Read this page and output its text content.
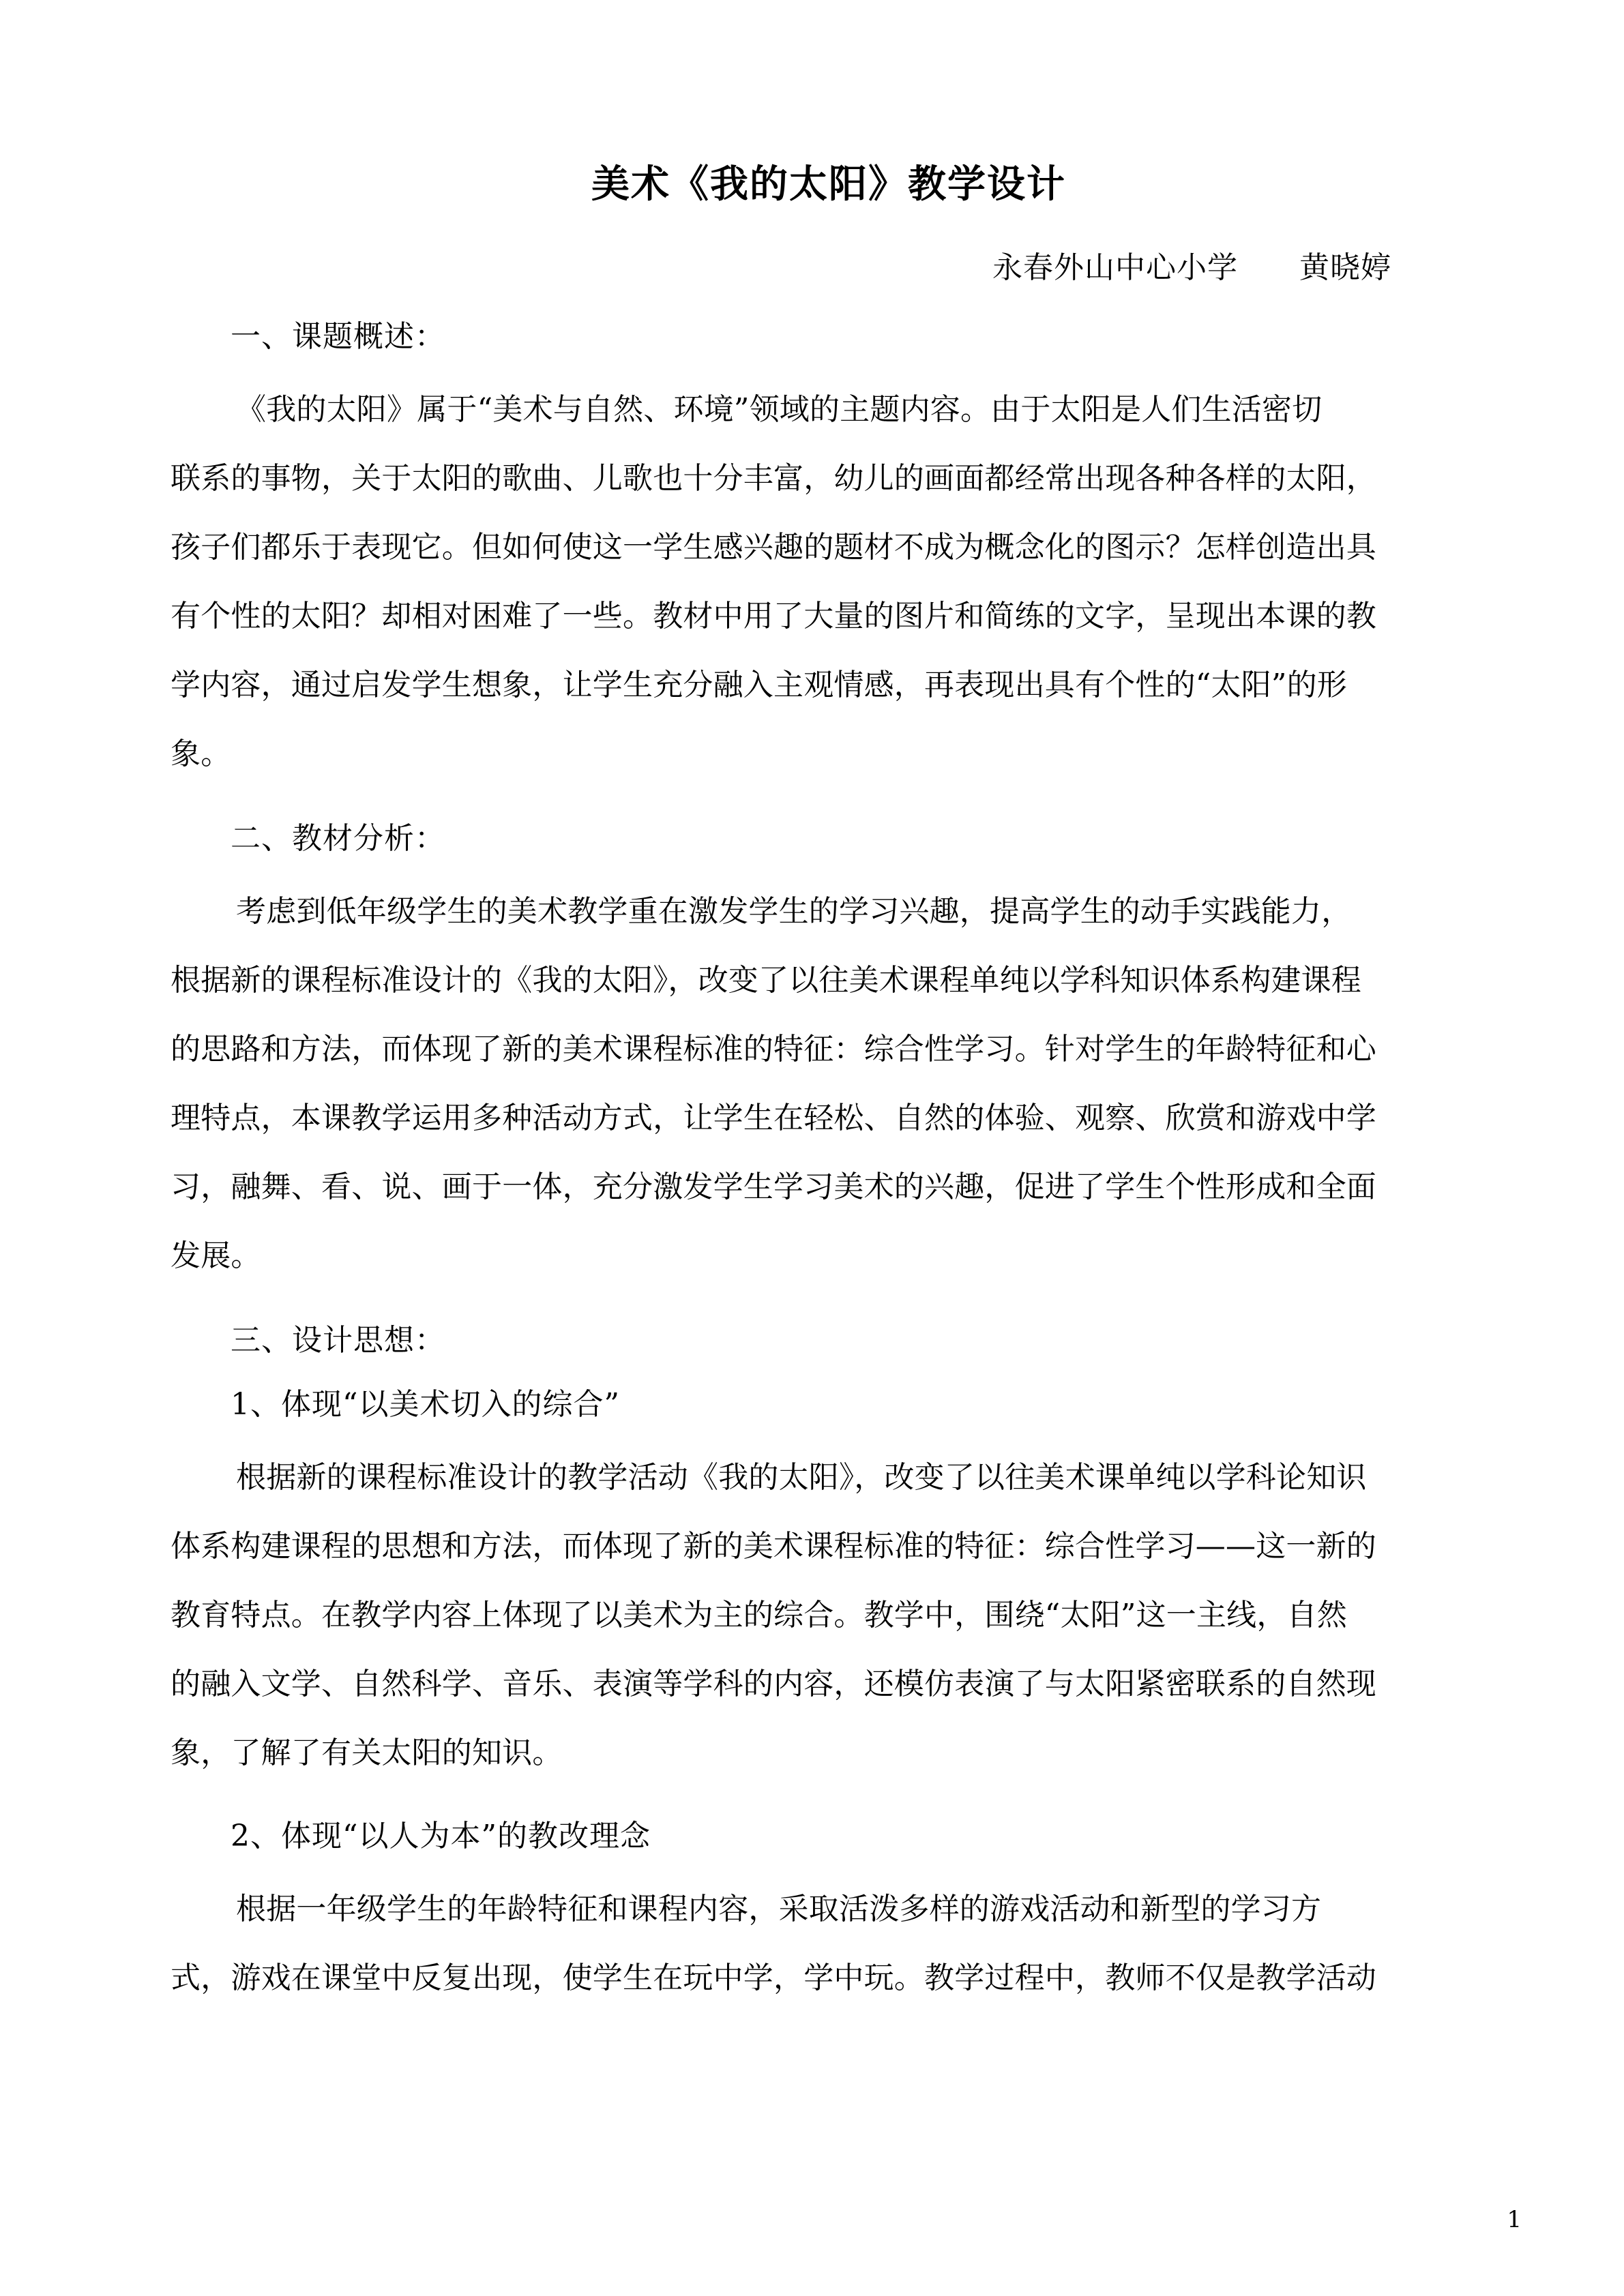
美术《我的太阳》教学设计
永春外山中心小学　　黄晓婷
一、课题概述：
《我的太阳》属于“美术与自然、环境”领域的主题内容。由于太阳是人们生活密切
联系的事物，关于太阳的歌曲、儿歌也十分丰富，幼儿的画面都经常出现各种各样的太阳，
孩子们都乐于表现它。但如何使这一学生感兴趣的题材不成为概念化的图示？怎样创造出具
有个性的太阳？却相对困难了一些。教材中用了大量的图片和简练的文字，呈现出本课的教
学内容，通过启发学生想象，让学生充分融入主观情感，再表现出具有个性的“太阳”的形
象。
二、教材分析：
考虑到低年级学生的美术教学重在激发学生的学习兴趣，提高学生的动手实践能力，
根据新的课程标准设计的《我的太阳》，改变了以往美术课程单纯以学科知识体系构建课程
的思路和方法，而体现了新的美术课程标准的特征：综合性学习。针对学生的年龄特征和心
理特点，本课教学运用多种活动方式，让学生在轻松、自然的体验、观察、欣赏和游戏中学
习，融舞、看、说、画于一体，充分激发学生学习美术的兴趣，促进了学生个性形成和全面
发展。
三、设计思想：
1、体现“以美术切入的综合”
根据新的课程标准设计的教学活动《我的太阳》，改变了以往美术课单纯以学科论知识
体系构建课程的思想和方法，而体现了新的美术课程标准的特征：综合性学习——这一新的
教育特点。在教学内容上体现了以美术为主的综合。教学中，围绕“太阳”这一主线，自然
的融入文学、自然科学、音乐、表演等学科的内容，还模仿表演了与太阳紧密联系的自然现
象，了解了有关太阳的知识。
2、体现“以人为本”的教改理念
根据一年级学生的年龄特征和课程内容，采取活泼多样的游戏活动和新型的学习方
式，游戏在课堂中反复出现，使学生在玩中学，学中玩。教学过程中，教师不仅是教学活动
1
